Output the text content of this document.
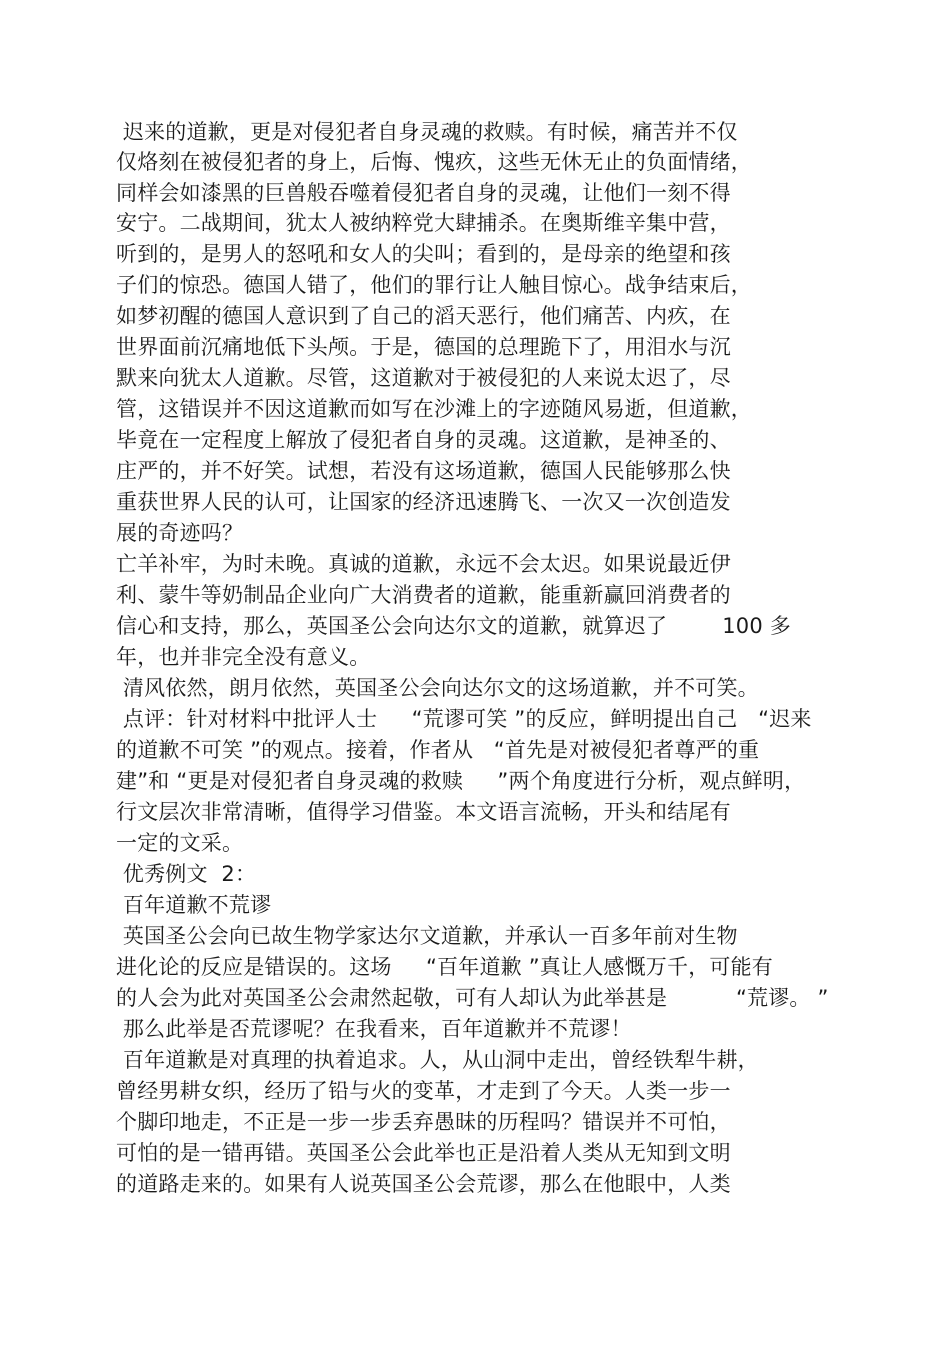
迟来的道歉，更是对侵犯者自身灵魂的救赎。有时候，痛苦并不仅
仅烙刻在被侵犯者的身上，后悔、愧疚，这些无休无止的负面情绪，
同样会如漆黑的巨兽般吞噬着侵犯者自身的灵魂，让他们一刻不得
安宁。二战期间，犹太人被纳粹党大肆捕杀。在奥斯维辛集中营，
听到的，是男人的怒吼和女人的尖叫；看到的，是母亲的绝望和孩
子们的惊恐。德国人错了，他们的罪行让人触目惊心。战争结束后，
如梦初醒的德国人意识到了自己的滔天恶行，他们痛苦、内疚，在
世界面前沉痛地低下头颅。于是，德国的总理跪下了，用泪水与沉
默来向犹太人道歉。尽管，这道歉对于被侵犯的人来说太迟了，尽
管，这错误并不因这道歉而如写在沙滩上的字迹随风易逝，但道歉，
毕竟在一定程度上解放了侵犯者自身的灵魂。这道歉，是神圣的、
庄严的，并不好笑。试想，若没有这场道歉，德国人民能够那么快
重获世界人民的认可，让国家的经济迅速腾飞、一次又一次创造发
展的奇迹吗？
亡羊补牢，为时未晚。真诚的道歉，永远不会太迟。如果说最近伊
利、蒙牛等奶制品企业向广大消费者的道歉，能重新赢回消费者的
信心和支持，那么，英国圣公会向达尔文的道歉，就算迟了        100 多
年，也并非完全没有意义。
清风依然，朗月依然，英国圣公会向达尔文的这场道歉，并不可笑。
点评：针对材料中批评人士     “荒谬可笑 ”的反应，鲜明提出自己   “迟来
的道歉不可笑 ”的观点。接着，作者从   “首先是对被侵犯者尊严的重
建”和 “更是对侵犯者自身灵魂的救赎     ”两个角度进行分析，观点鲜明，
行文层次非常清晰，值得学习借鉴。本文语言流畅，开头和结尾有
一定的文采。
优秀例文  2：
百年道歉不荒谬
英国圣公会向已故生物学家达尔文道歉，并承认一百多年前对生物
进化论的反应是错误的。这场     “百年道歉 ”真让人感慨万千，可能有
的人会为此对英国圣公会肃然起敬，可有人却认为此举甚是          “荒谬。 ”
那么此举是否荒谬呢？在我看来，百年道歉并不荒谬！
百年道歉是对真理的执着追求。人，从山洞中走出，曾经铁犁牛耕，
曾经男耕女织，经历了铅与火的变革，才走到了今天。人类一步一
个脚印地走，不正是一步一步丢弃愚昧的历程吗？错误并不可怕，
可怕的是一错再错。英国圣公会此举也正是沿着人类从无知到文明
的道路走来的。如果有人说英国圣公会荒谬，那么在他眼中，人类
